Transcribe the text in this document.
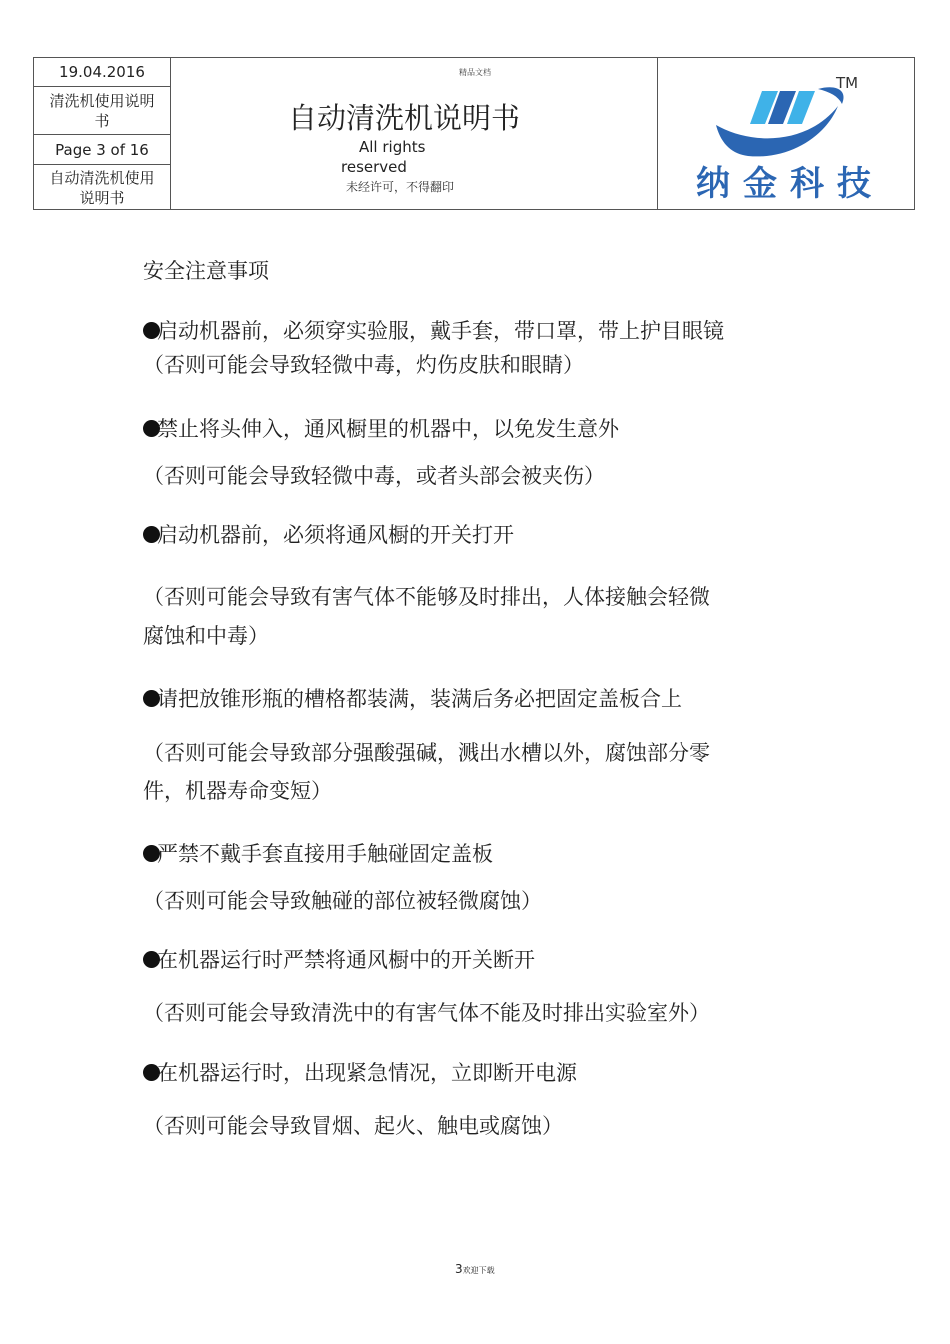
19.04.2016
清洗机使用说明书
Page 3 of 16
自动清洗机使用说明书
精品文档
自动清洗机说明书
All rights
reserved
未经许可，不得翻印
TM
纳金科技
安全注意事项
启动机器前，必须穿实验服，戴手套，带口罩，带上护目眼镜
（否则可能会导致轻微中毒，灼伤皮肤和眼睛）
禁止将头伸入，通风橱里的机器中，以免发生意外
（否则可能会导致轻微中毒，或者头部会被夹伤）
启动机器前，必须将通风橱的开关打开
（否则可能会导致有害气体不能够及时排出，人体接触会轻微
腐蚀和中毒）
请把放锥形瓶的槽格都装满，装满后务必把固定盖板合上
（否则可能会导致部分强酸强碱，溅出水槽以外，腐蚀部分零
件，机器寿命变短）
严禁不戴手套直接用手触碰固定盖板
（否则可能会导致触碰的部位被轻微腐蚀）
在机器运行时严禁将通风橱中的开关断开
（否则可能会导致清洗中的有害气体不能及时排出实验室外）
在机器运行时，出现紧急情况，立即断开电源
（否则可能会导致冒烟、起火、触电或腐蚀）
3欢迎下载
